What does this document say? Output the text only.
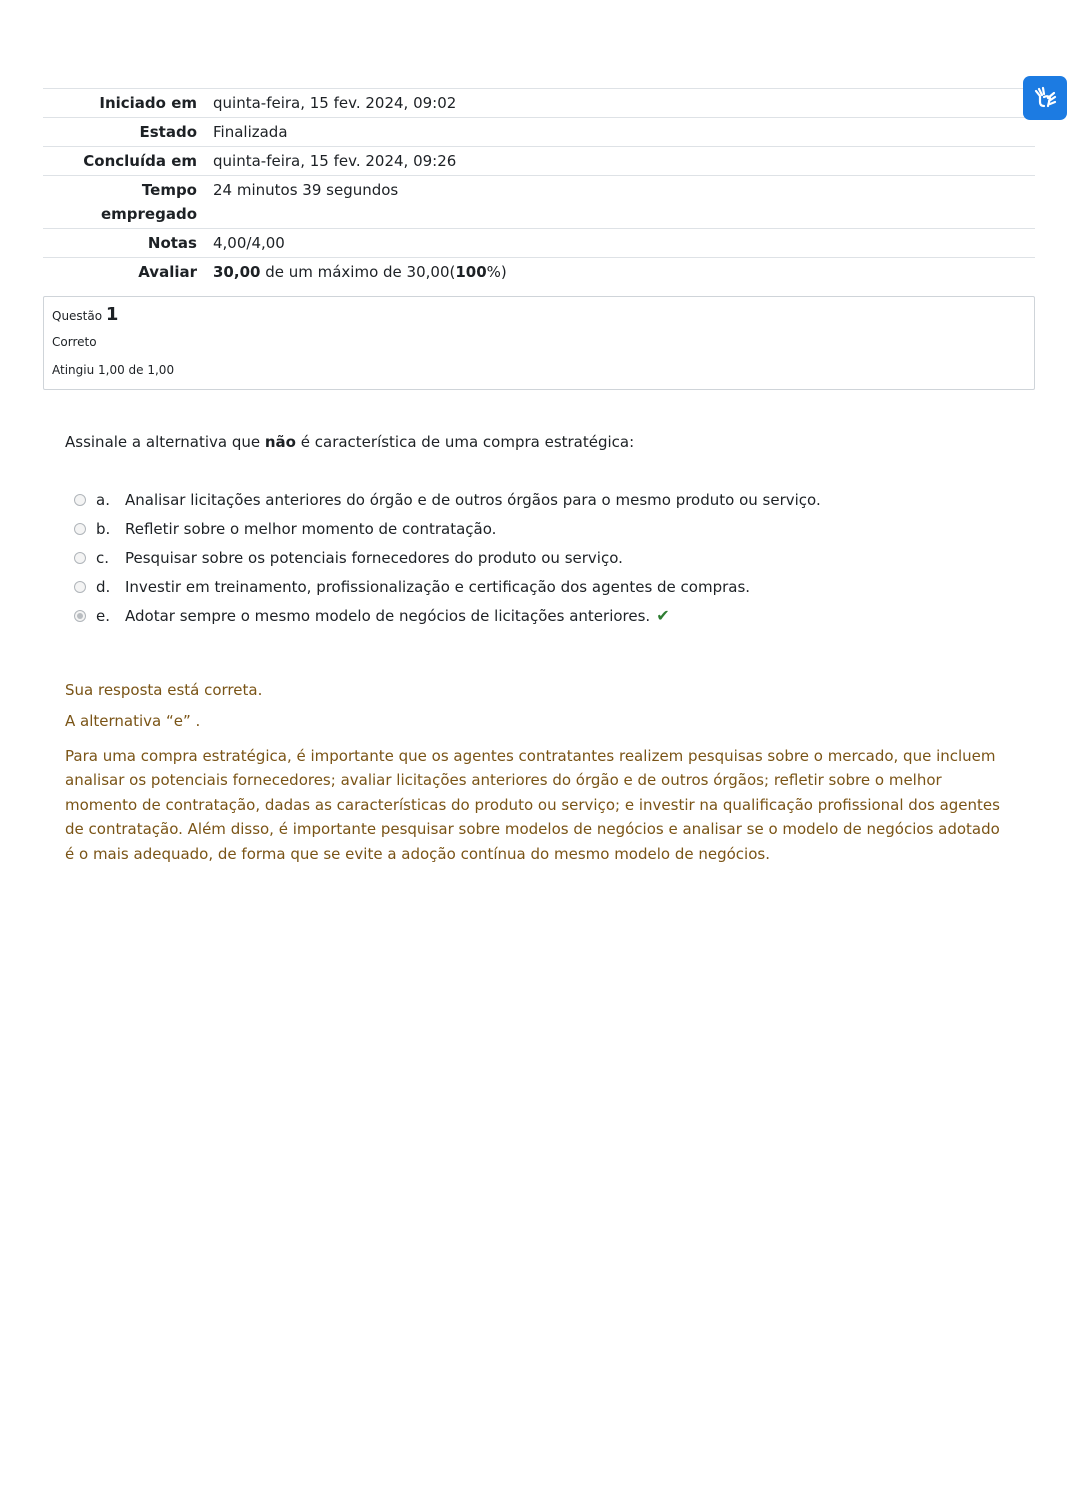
Iniciado em	quinta-feira, 15 fev. 2024, 09:02
Estado	Finalizada
Concluída em	quinta-feira, 15 fev. 2024, 09:26
Tempo
empregado	24 minutos 39 segundos
Notas	4,00/4,00
Avaliar	30,00 de um máximo de 30,00(100%)
Questão 1
Correto
Atingiu 1,00 de 1,00
Assinale a alternativa que não é característica de uma compra estratégica:
a.	Analisar licitações anteriores do órgão e de outros órgãos para o mesmo produto ou serviço.
b. Refletir sobre o melhor momento de contratação.
c.	Pesquisar sobre os potenciais fornecedores do produto ou serviço.
d. Investir em treinamento, profissionalização e certificação dos agentes de compras.
e.	Adotar sempre o mesmo modelo de negócios de licitações anteriores. ✔

Sua resposta está correta.

A alternativa “e” .

Para uma compra estratégica, é importante que os agentes contratantes realizem pesquisas sobre o mercado, que incluem analisar os potenciais fornecedores; avaliar licitações anteriores do órgão e de outros órgãos; refletir sobre o melhor momento de contratação, dadas as características do produto ou serviço; e investir na qualificação profissional dos agentes de contratação. Além disso, é importante pesquisar sobre modelos de negócios e analisar se o modelo de negócios adotado é o mais adequado, de forma que se evite a adoção contínua do mesmo modelo de negócios.
